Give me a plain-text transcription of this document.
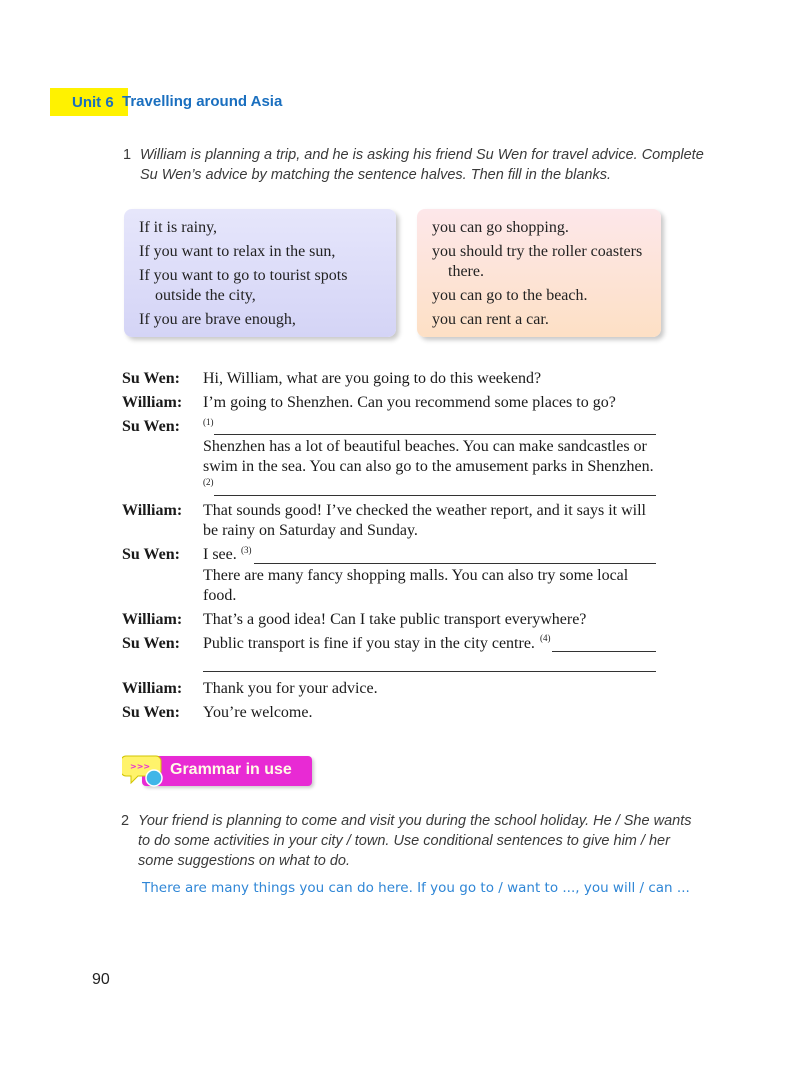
Unit 6 Travelling around Asia
1 William is planning a trip, and he is asking his friend Su Wen for travel advice. Complete
Su Wen’s advice by matching the sentence halves. Then fill in the blanks.
If it is rainy,
If you want to relax in the sun,
If you want to go to tourist spots
outside the city,
If you are brave enough,
you can go shopping.
you should try the roller coasters
there.
you can go to the beach.
you can rent a car.
Su Wen: Hi, William, what are you going to do this weekend?
William: I’m going to Shenzhen. Can you recommend some places to go?
Su Wen:	(1)
Shenzhen has a lot of beautiful beaches. You can make sandcastles or
swim in the sea. You can also go to the amusement parks in Shenzhen.
(2)
William: That sounds good! I’ve checked the weather report, and it says it will
be rainy on Saturday and Sunday.
Su Wen: I see. (3)
There are many fancy shopping malls. You can also try some local
food.
William: That’s a good idea! Can I take public transport everywhere?
Su Wen: Public transport is fine if you stay in the city centre. (4)
William: Thank you for your advice.
Su Wen: You’re welcome.
>>> Grammar in use
2 Your friend is planning to come and visit you during the school holiday. He / She wants
to do some activities in your city / town. Use conditional sentences to give him / her
some suggestions on what to do.
There are many things you can do here. If you go to / want to ..., you will / can ...
90
